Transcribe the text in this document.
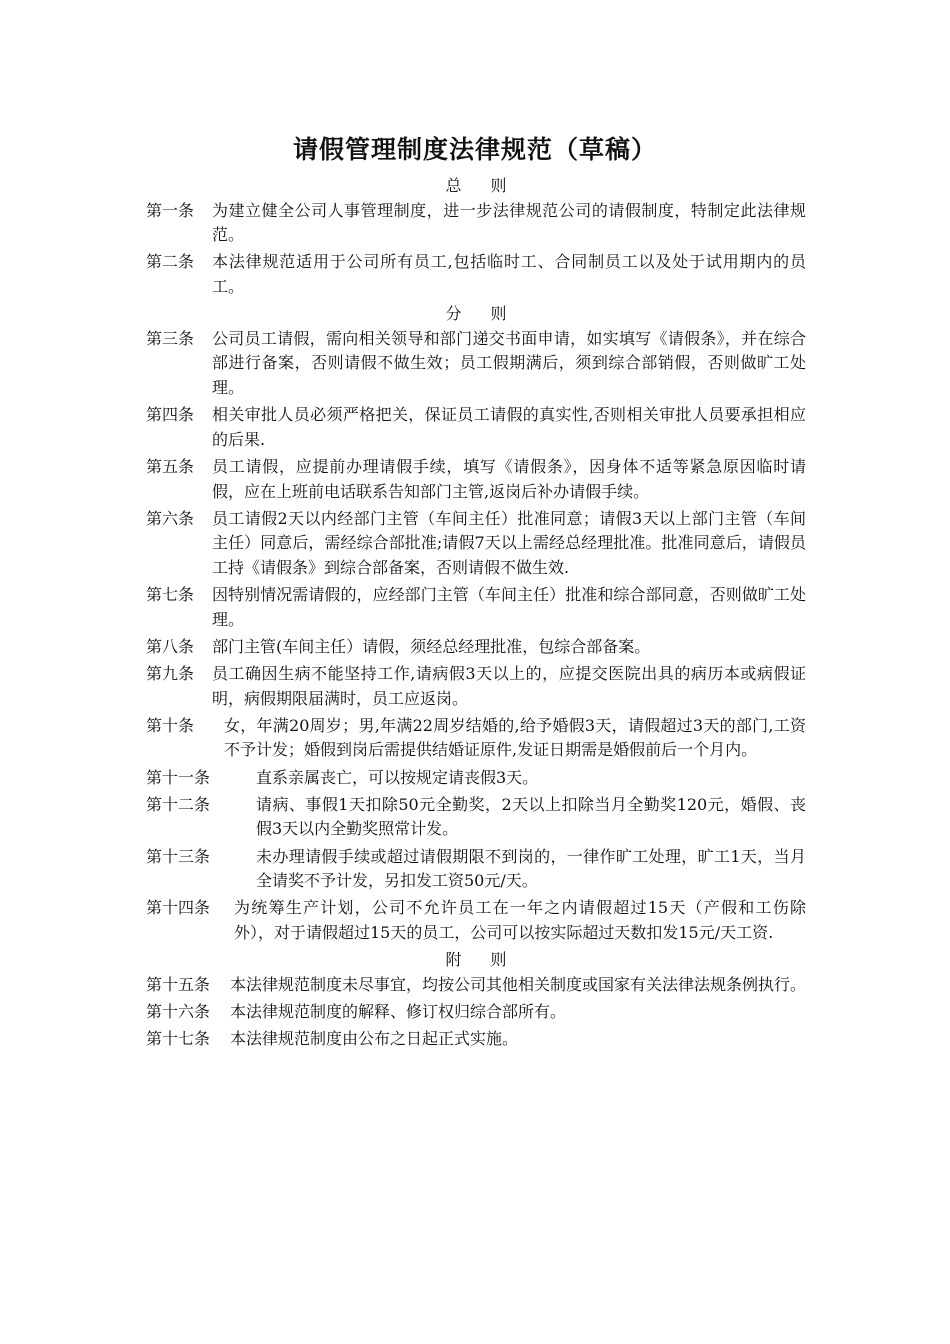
请假管理制度法律规范（草稿）
总 则
第一条	为建立健全公司人事管理制度，进一步法律规范公司的请假制度，特制定此法律规范。
第二条	本法律规范适用于公司所有员工,包括临时工、合同制员工以及处于试用期内的员工。
分 则
第三条	公司员工请假，需向相关领导和部门递交书面申请，如实填写《请假条》，并在综合部进行备案，否则请假不做生效；员工假期满后，须到综合部销假，否则做旷工处理。
第四条	相关审批人员必须严格把关，保证员工请假的真实性,否则相关审批人员要承担相应的后果.
第五条	员工请假，应提前办理请假手续，填写《请假条》，因身体不适等紧急原因临时请假，应在上班前电话联系告知部门主管,返岗后补办请假手续。
第六条	员工请假2天以内经部门主管（车间主任）批准同意；请假3天以上部门主管（车间主任）同意后，需经综合部批准;请假7天以上需经总经理批准。批准同意后，请假员工持《请假条》到综合部备案，否则请假不做生效.
第七条	因特别情况需请假的，应经部门主管（车间主任）批准和综合部同意，否则做旷工处理。
第八条	部门主管(车间主任）请假，须经总经理批准，包综合部备案。
第九条	员工确因生病不能坚持工作,请病假3天以上的，应提交医院出具的病历本或病假证明，病假期限届满时，员工应返岗。
第十条	女，年满20周岁；男,年满22周岁结婚的,给予婚假3天，请假超过3天的部门,工资不予计发；婚假到岗后需提供结婚证原件,发证日期需是婚假前后一个月内。
第十一条	直系亲属丧亡，可以按规定请丧假3天。
第十二条	请病、事假1天扣除50元全勤奖，2天以上扣除当月全勤奖120元，婚假、丧假3天以内全勤奖照常计发。
第十三条	未办理请假手续或超过请假期限不到岗的，一律作旷工处理，旷工1天，当月全请奖不予计发，另扣发工资50元/天。
第十四条	为统筹生产计划，公司不允许员工在一年之内请假超过15天（产假和工伤除外），对于请假超过15天的员工，公司可以按实际超过天数扣发15元/天工资.
附 则
第十五条	本法律规范制度未尽事宜，均按公司其他相关制度或国家有关法律法规条例执行。
第十六条	本法律规范制度的解释、修订权归综合部所有。
第十七条	本法律规范制度由公布之日起正式实施。
